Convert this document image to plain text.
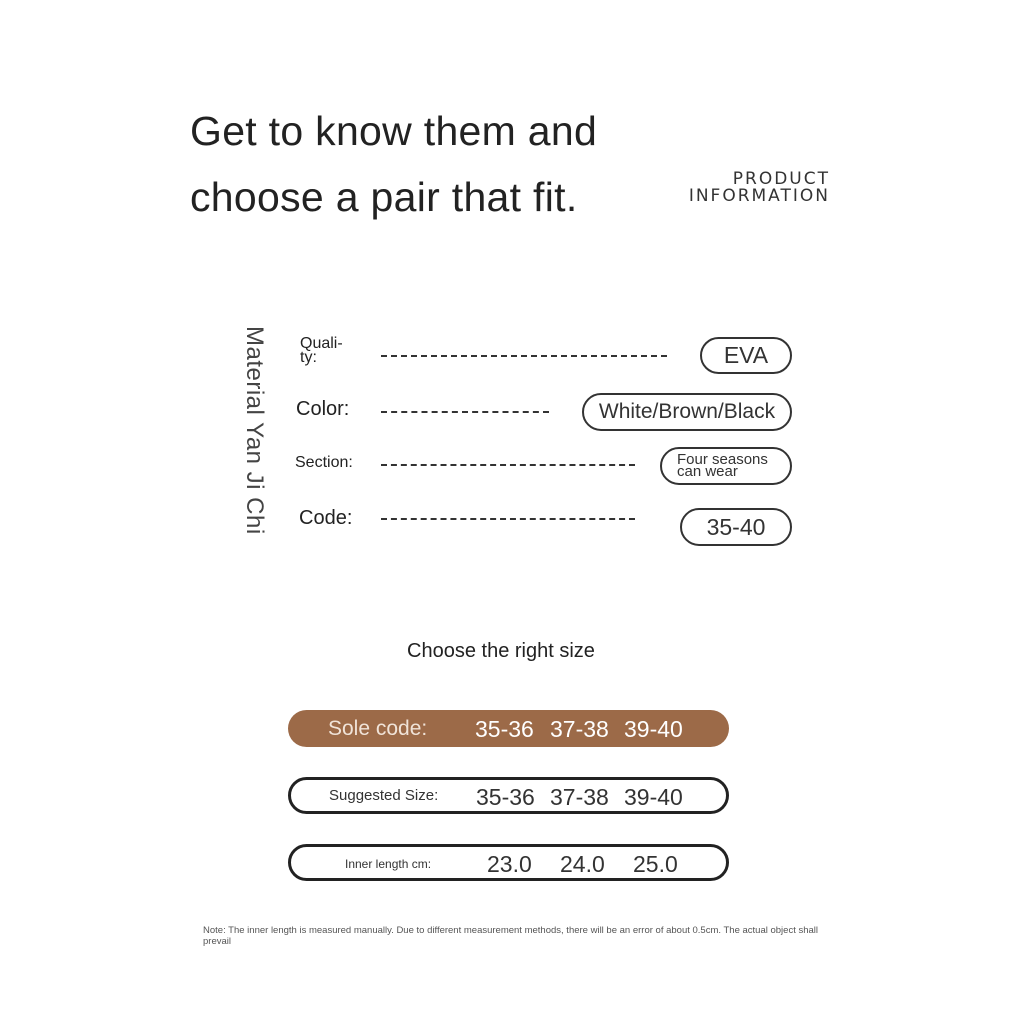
Get to know them and
choose a pair that fit.	PRODUCT
INFORMATION
Material Yan Ji Chi Quali-
ty:	EVA
Color:	White/Brown/Black
Section:	Four seasons
can wear
Code:	35-40
Choose the right size
Sole code: 35-36 37-38 39-40
Suggested Size: 35-36 37-38 39-40
Inner length cm: 23.0 24.0 25.0
Note: The inner length is measured manually. Due to different measurement methods, there will be an error of about 0.5cm. The actual object shall prevail
